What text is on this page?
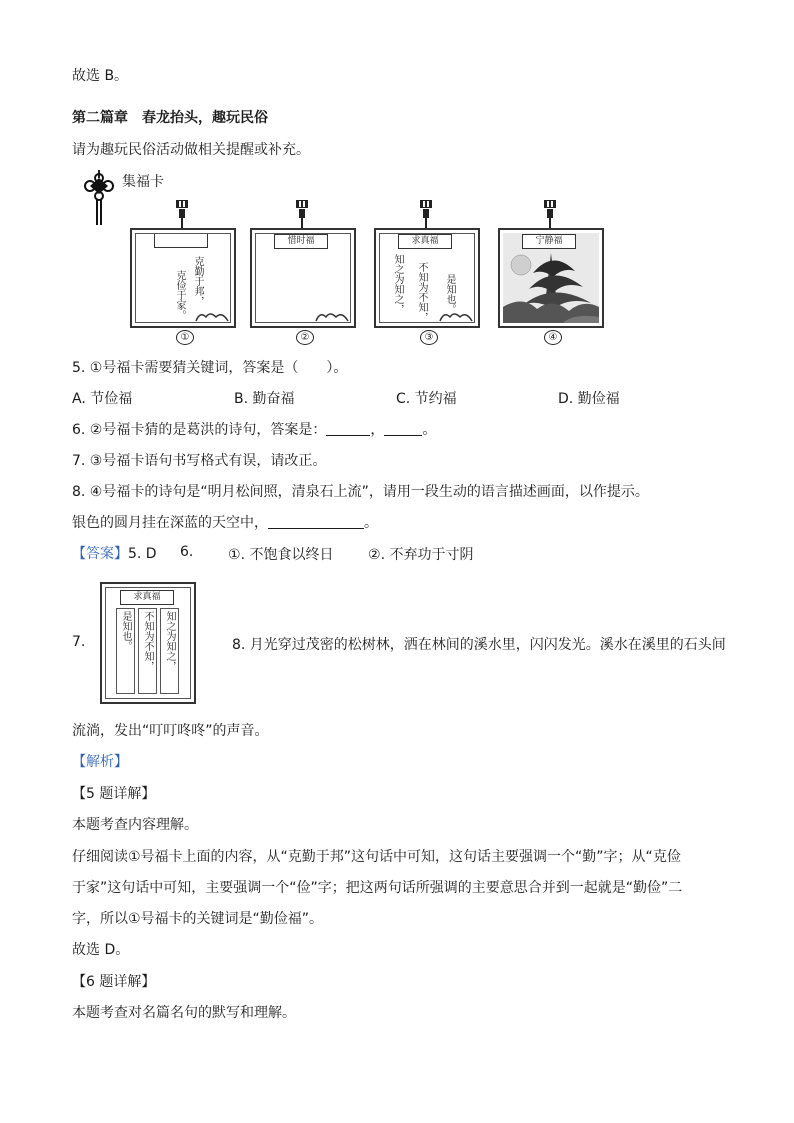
故选 B。
第二篇章　春龙抬头，趣玩民俗
请为趣玩民俗活动做相关提醒或补充。
集福卡
克勤于邦，
克俭于家。
①
惜时福
②
求真福
知之为知之， 不知为不知， 是知也。
③
宁静福
④
5. ①号福卡需要猜关键词，答案是（　　）。
A. 节俭福	B. 勤奋福	C. 节约福	D. 勤俭福
6. ②号福卡猜的是葛洪的诗句，答案是：	，	。
7. ③号福卡语句书写格式有误，请改正。
8. ④号福卡的诗句是“明月松间照，清泉石上流”，请用一段生动的语言描述画面，以作提示。
银色的圆月挂在深蓝的天空中，	。
【答案】5. D 6. ①. 不饱食以终日 ②. 不弃功于寸阴
7.
求真福
知之为知之，
不知为不知，
是知也。	8. 月光穿过茂密的松树林，洒在林间的溪水里，闪闪发光。溪水在溪里的石头间
流淌，发出“叮叮咚咚”的声音。
【解析】
【5 题详解】
本题考查内容理解。
仔细阅读①号福卡上面的内容，从“克勤于邦”这句话中可知，这句话主要强调一个“勤”字；从“克俭
于家”这句话中可知，主要强调一个“俭”字；把这两句话所强调的主要意思合并到一起就是“勤俭”二
字，所以①号福卡的关键词是“勤俭福”。
故选 D。
【6 题详解】
本题考查对名篇名句的默写和理解。
